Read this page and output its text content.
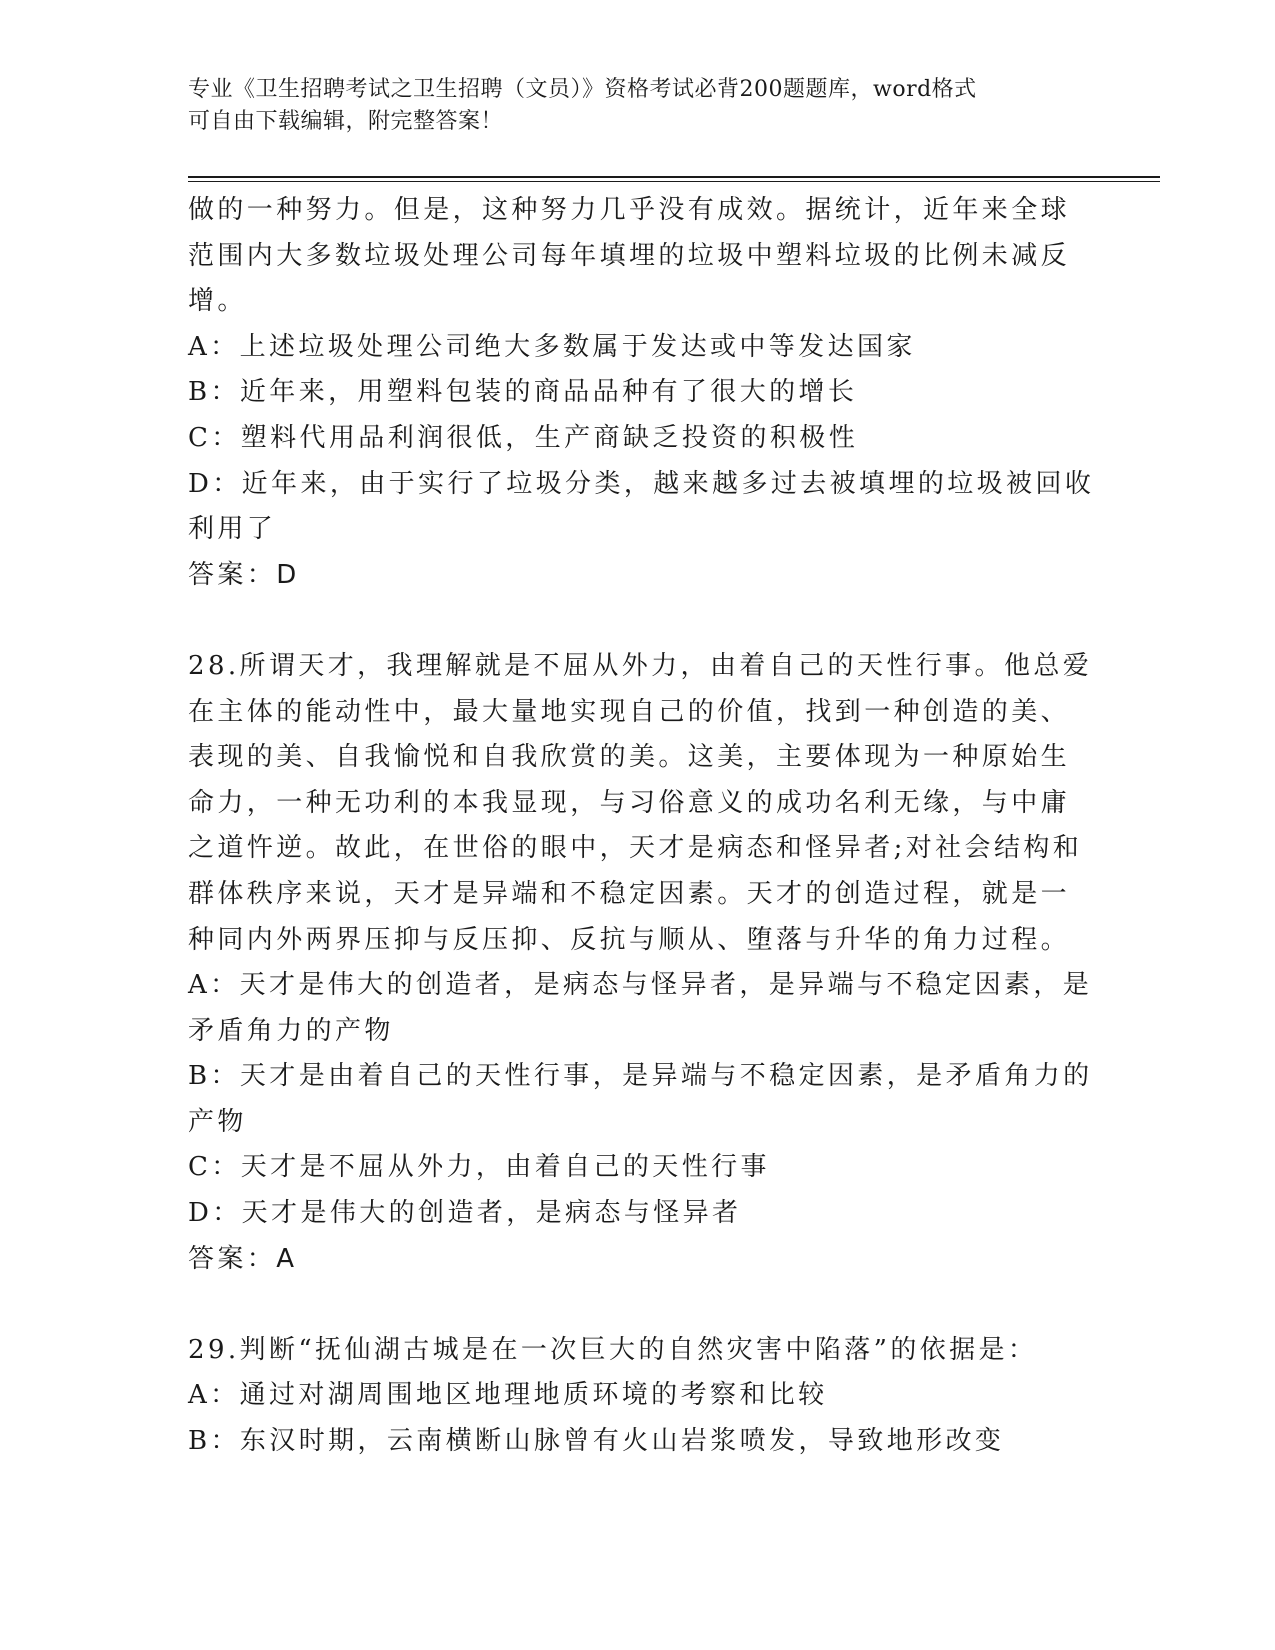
专业《卫生招聘考试之卫生招聘（文员）》资格考试必背200题题库，word格式
可自由下载编辑，附完整答案！
做的一种努力。但是，这种努力几乎没有成效。据统计，近年来全球
范围内大多数垃圾处理公司每年填埋的垃圾中塑料垃圾的比例未减反
增。
A：上述垃圾处理公司绝大多数属于发达或中等发达国家
B：近年来，用塑料包装的商品品种有了很大的增长
C：塑料代用品利润很低，生产商缺乏投资的积极性
D：近年来，由于实行了垃圾分类，越来越多过去被填埋的垃圾被回收
利用了
答案：D
28.所谓天才，我理解就是不屈从外力，由着自己的天性行事。他总爱
在主体的能动性中，最大量地实现自己的价值，找到一种创造的美、
表现的美、自我愉悦和自我欣赏的美。这美，主要体现为一种原始生
命力，一种无功利的本我显现，与习俗意义的成功名利无缘，与中庸
之道忤逆。故此，在世俗的眼中，天才是病态和怪异者;对社会结构和
群体秩序来说，天才是异端和不稳定因素。天才的创造过程，就是一
种同内外两界压抑与反压抑、反抗与顺从、堕落与升华的角力过程。
A：天才是伟大的创造者，是病态与怪异者，是异端与不稳定因素，是
矛盾角力的产物
B：天才是由着自己的天性行事，是异端与不稳定因素，是矛盾角力的
产物
C：天才是不屈从外力，由着自己的天性行事
D：天才是伟大的创造者，是病态与怪异者
答案：A
29.判断“抚仙湖古城是在一次巨大的自然灾害中陷落”的依据是：
A：通过对湖周围地区地理地质环境的考察和比较
B：东汉时期，云南横断山脉曾有火山岩浆喷发，导致地形改变
